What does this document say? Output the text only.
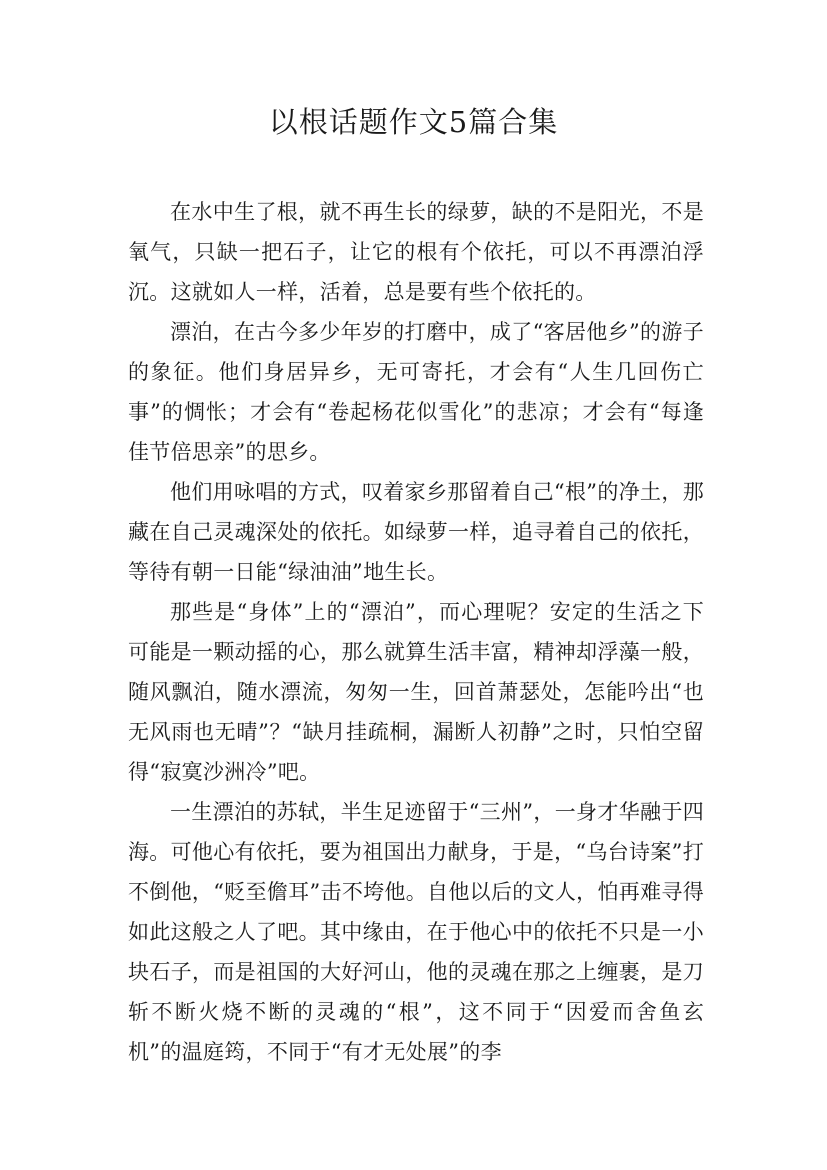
以根话题作文5篇合集

在水中生了根，就不再生长的绿萝，缺的不是阳光，不是氧气，只缺一把石子，让它的根有个依托，可以不再漂泊浮沉。这就如人一样，活着，总是要有些个依托的。

漂泊，在古今多少年岁的打磨中，成了“客居他乡”的游子的象征。他们身居异乡，无可寄托，才会有“人生几回伤亡事”的惆怅；才会有“卷起杨花似雪化”的悲凉；才会有“每逢佳节倍思亲”的思乡。

他们用咏唱的方式，叹着家乡那留着自己“根”的净土，那藏在自己灵魂深处的依托。如绿萝一样，追寻着自己的依托，等待有朝一日能“绿油油”地生长。

那些是“身体”上的“漂泊”，而心理呢？安定的生活之下可能是一颗动摇的心，那么就算生活丰富，精神却浮藻一般，随风飘泊，随水漂流，匆匆一生，回首萧瑟处，怎能吟出“也无风雨也无晴”？“缺月挂疏桐，漏断人初静”之时，只怕空留得“寂寞沙洲冷”吧。

一生漂泊的苏轼，半生足迹留于“三州”，一身才华融于四海。可他心有依托，要为祖国出力献身，于是，“乌台诗案”打不倒他，“贬至儋耳”击不垮他。自他以后的文人，怕再难寻得如此这般之人了吧。其中缘由，在于他心中的依托不只是一小块石子，而是祖国的大好河山，他的灵魂在那之上缠裹，是刀斩不断火烧不断的灵魂的“根”，这不同于“因爱而舍鱼玄机”的温庭筠，不同于“有才无处展”的李
